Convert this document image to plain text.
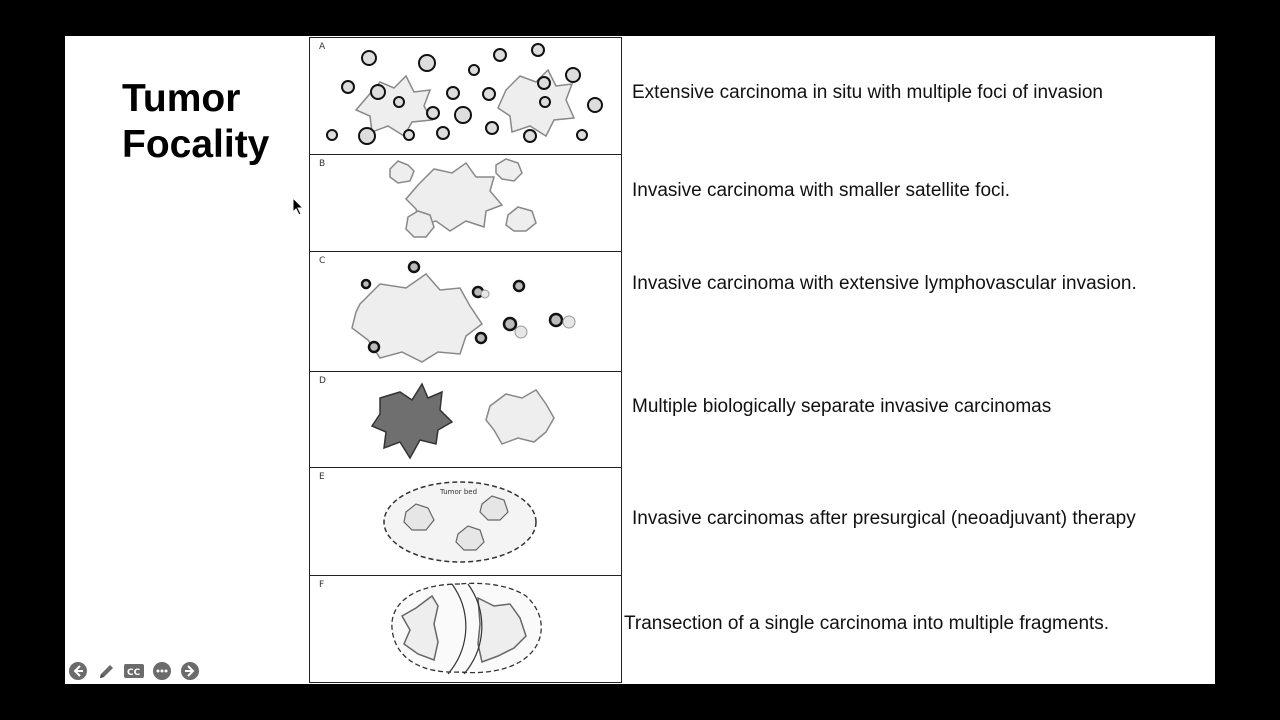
Tumor
Focality
A
B
C
D
E
Tumor bed
F
Extensive carcinoma in situ with multiple foci of invasion
Invasive carcinoma with smaller satellite foci.
Invasive carcinoma with extensive lymphovascular invasion.
Multiple biologically separate invasive carcinomas
Invasive carcinomas after presurgical (neoadjuvant) therapy
Transection of a single carcinoma into multiple fragments.
CC
